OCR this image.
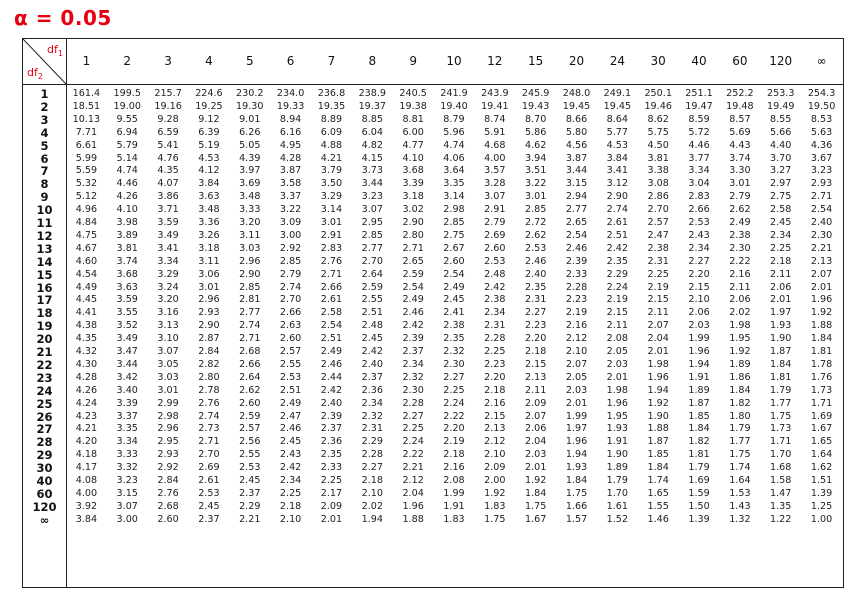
α = 0.05
$df_1$
$df_2$
1	2	3	4	5	6	7	8	9	10	12	15	20	24	30	40	60	120	∞
1	161.4	199.5	215.7	224.6	230.2	234.0	236.8	238.9	240.5	241.9	243.9	245.9	248.0	249.1	250.1	251.1	252.2	253.3	254.3
2	18.51	19.00	19.16	19.25	19.30	19.33	19.35	19.37	19.38	19.40	19.41	19.43	19.45	19.45	19.46	19.47	19.48	19.49	19.50
3	10.13	9.55	9.28	9.12	9.01	8.94	8.89	8.85	8.81	8.79	8.74	8.70	8.66	8.64	8.62	8.59	8.57	8.55	8.53
4	7.71	6.94	6.59	6.39	6.26	6.16	6.09	6.04	6.00	5.96	5.91	5.86	5.80	5.77	5.75	5.72	5.69	5.66	5.63
5	6.61	5.79	5.41	5.19	5.05	4.95	4.88	4.82	4.77	4.74	4.68	4.62	4.56	4.53	4.50	4.46	4.43	4.40	4.36
6	5.99	5.14	4.76	4.53	4.39	4.28	4.21	4.15	4.10	4.06	4.00	3.94	3.87	3.84	3.81	3.77	3.74	3.70	3.67
7	5.59	4.74	4.35	4.12	3.97	3.87	3.79	3.73	3.68	3.64	3.57	3.51	3.44	3.41	3.38	3.34	3.30	3.27	3.23
8	5.32	4.46	4.07	3.84	3.69	3.58	3.50	3.44	3.39	3.35	3.28	3.22	3.15	3.12	3.08	3.04	3.01	2.97	2.93
9	5.12	4.26	3.86	3.63	3.48	3.37	3.29	3.23	3.18	3.14	3.07	3.01	2.94	2.90	2.86	2.83	2.79	2.75	2.71
10	4.96	4.10	3.71	3.48	3.33	3.22	3.14	3.07	3.02	2.98	2.91	2.85	2.77	2.74	2.70	2.66	2.62	2.58	2.54
11	4.84	3.98	3.59	3.36	3.20	3.09	3.01	2.95	2.90	2.85	2.79	2.72	2.65	2.61	2.57	2.53	2.49	2.45	2.40
12	4.75	3.89	3.49	3.26	3.11	3.00	2.91	2.85	2.80	2.75	2.69	2.62	2.54	2.51	2.47	2.43	2.38	2.34	2.30
13	4.67	3.81	3.41	3.18	3.03	2.92	2.83	2.77	2.71	2.67	2.60	2.53	2.46	2.42	2.38	2.34	2.30	2.25	2.21
14	4.60	3.74	3.34	3.11	2.96	2.85	2.76	2.70	2.65	2.60	2.53	2.46	2.39	2.35	2.31	2.27	2.22	2.18	2.13
15	4.54	3.68	3.29	3.06	2.90	2.79	2.71	2.64	2.59	2.54	2.48	2.40	2.33	2.29	2.25	2.20	2.16	2.11	2.07
16	4.49	3.63	3.24	3.01	2.85	2.74	2.66	2.59	2.54	2.49	2.42	2.35	2.28	2.24	2.19	2.15	2.11	2.06	2.01
17	4.45	3.59	3.20	2.96	2.81	2.70	2.61	2.55	2.49	2.45	2.38	2.31	2.23	2.19	2.15	2.10	2.06	2.01	1.96
18	4.41	3.55	3.16	2.93	2.77	2.66	2.58	2.51	2.46	2.41	2.34	2.27	2.19	2.15	2.11	2.06	2.02	1.97	1.92
19	4.38	3.52	3.13	2.90	2.74	2.63	2.54	2.48	2.42	2.38	2.31	2.23	2.16	2.11	2.07	2.03	1.98	1.93	1.88
20	4.35	3.49	3.10	2.87	2.71	2.60	2.51	2.45	2.39	2.35	2.28	2.20	2.12	2.08	2.04	1.99	1.95	1.90	1.84
21	4.32	3.47	3.07	2.84	2.68	2.57	2.49	2.42	2.37	2.32	2.25	2.18	2.10	2.05	2.01	1.96	1.92	1.87	1.81
22	4.30	3.44	3.05	2.82	2.66	2.55	2.46	2.40	2.34	2.30	2.23	2.15	2.07	2.03	1.98	1.94	1.89	1.84	1.78
23	4.28	3.42	3.03	2.80	2.64	2.53	2.44	2.37	2.32	2.27	2.20	2.13	2.05	2.01	1.96	1.91	1.86	1.81	1.76
24	4.26	3.40	3.01	2.78	2.62	2.51	2.42	2.36	2.30	2.25	2.18	2.11	2.03	1.98	1.94	1.89	1.84	1.79	1.73
25	4.24	3.39	2.99	2.76	2.60	2.49	2.40	2.34	2.28	2.24	2.16	2.09	2.01	1.96	1.92	1.87	1.82	1.77	1.71
26	4.23	3.37	2.98	2.74	2.59	2.47	2.39	2.32	2.27	2.22	2.15	2.07	1.99	1.95	1.90	1.85	1.80	1.75	1.69
27	4.21	3.35	2.96	2.73	2.57	2.46	2.37	2.31	2.25	2.20	2.13	2.06	1.97	1.93	1.88	1.84	1.79	1.73	1.67
28	4.20	3.34	2.95	2.71	2.56	2.45	2.36	2.29	2.24	2.19	2.12	2.04	1.96	1.91	1.87	1.82	1.77	1.71	1.65
29	4.18	3.33	2.93	2.70	2.55	2.43	2.35	2.28	2.22	2.18	2.10	2.03	1.94	1.90	1.85	1.81	1.75	1.70	1.64
30	4.17	3.32	2.92	2.69	2.53	2.42	2.33	2.27	2.21	2.16	2.09	2.01	1.93	1.89	1.84	1.79	1.74	1.68	1.62
40	4.08	3.23	2.84	2.61	2.45	2.34	2.25	2.18	2.12	2.08	2.00	1.92	1.84	1.79	1.74	1.69	1.64	1.58	1.51
60	4.00	3.15	2.76	2.53	2.37	2.25	2.17	2.10	2.04	1.99	1.92	1.84	1.75	1.70	1.65	1.59	1.53	1.47	1.39
120	3.92	3.07	2.68	2.45	2.29	2.18	2.09	2.02	1.96	1.91	1.83	1.75	1.66	1.61	1.55	1.50	1.43	1.35	1.25
∞	3.84	3.00	2.60	2.37	2.21	2.10	2.01	1.94	1.88	1.83	1.75	1.67	1.57	1.52	1.46	1.39	1.32	1.22	1.00
